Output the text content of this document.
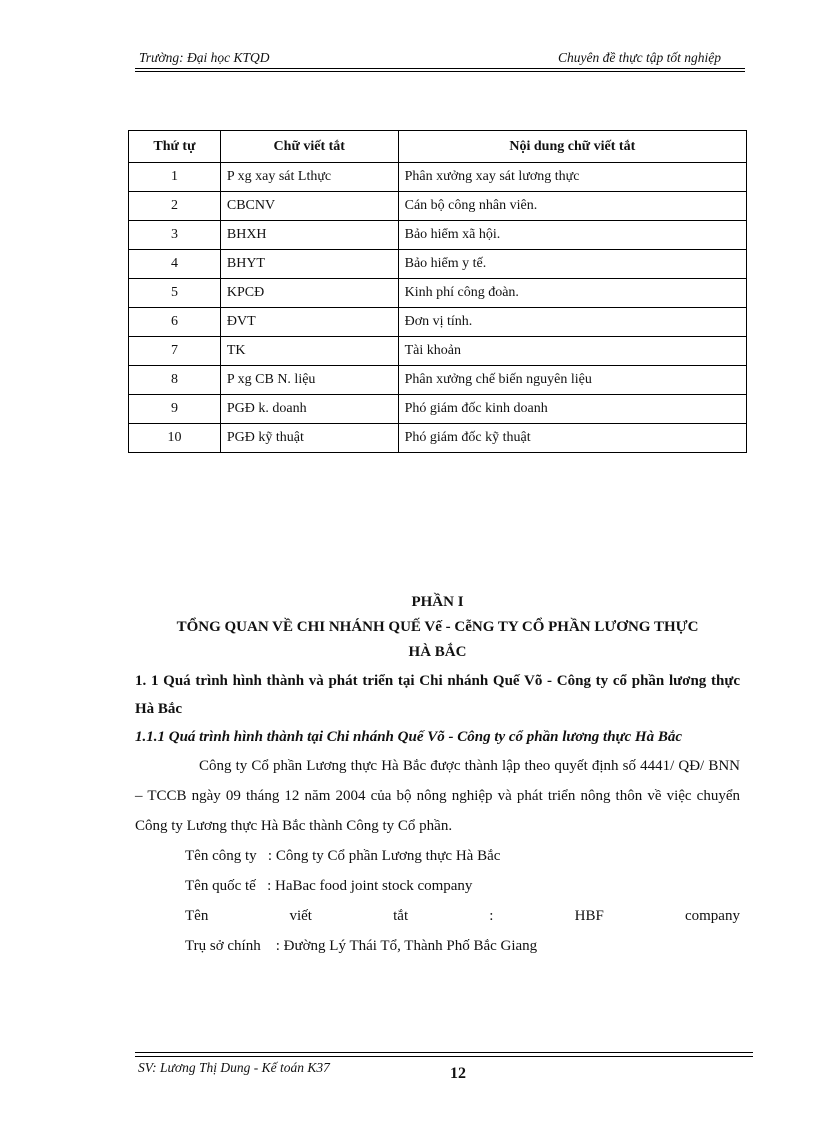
Trường: Đại học KTQD	Chuyên đề thực tập tốt nghiệp
Thứ tự	Chữ viết tắt	Nội dung chữ viết tắt
1	P xg xay sát Lthực	Phân xưởng xay sát lương thực
2	CBCNV	Cán bộ công nhân viên.
3	BHXH	Bảo hiểm xã hội.
4	BHYT	Bảo hiểm y tế.
5	KPCĐ	Kinh phí công đoàn.
6	ĐVT	Đơn vị tính.
7	TK	Tài khoản
8	P xg CB N. liệu	Phân xưởng chế biến nguyên liệu
9	PGĐ k. doanh	Phó giám đốc kinh doanh
10	PGĐ kỹ thuật	Phó giám đốc kỹ thuật
PHẦN I
TỔNG QUAN VỀ CHI NHÁNH QUẾ Vế - CễNG TY CỔ PHẦN LƯƠNG THỰC
HÀ BẮC
1. 1 Quá trình hình thành và phát triển tại Chi nhánh Quế Võ - Công ty cổ phần lương thực Hà Bắc
1.1.1 Quá trình hình thành tại Chi nhánh Quế Võ - Công ty cổ phần lương thực Hà Bắc
Công ty Cổ phần Lương thực Hà Bắc được thành lập theo quyết định số 4441/ QĐ/ BNN – TCCB ngày 09 tháng 12 năm 2004 của bộ nông nghiệp và phát triển nông thôn về việc chuyển Công ty Lương thực Hà Bắc thành Công ty Cổ phần.
Tên công ty : Công ty Cổ phần Lương thực Hà Bắc
Tên quốc tế : HaBac food joint stock company
Tên	viết	tắt	:	HBF	company
Trụ sở chính : Đường Lý Thái Tổ, Thành Phố Bắc Giang
SV: Lương Thị Dung - Kế toán K37	12
